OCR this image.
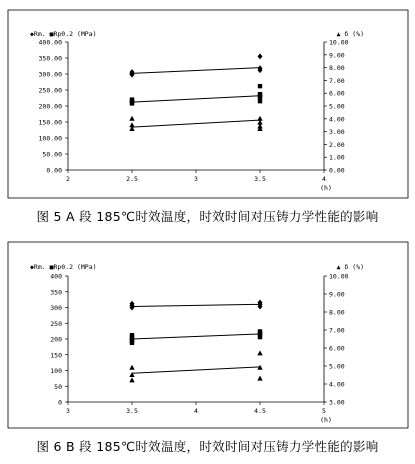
0.00
50.00
100.00
150.00
200.00
250.00
300.00
350.00
400.00
0.00
1.00
2.00
3.00
4.00
5.00
6.00
7.00
8.00
9.00
10.00
2	2.5	3	3.5	4
(h)
◆Rm. ■Rp0.2 (MPa)	▲ δ (%)
图 5 A 段 185℃时效温度，时效时间对压铸力学性能的影响
0
50
100
150
200
250
300
350
400
3.00
4.00
5.00
6.00
7.00
8.00
9.00
10.00
3	3.5	4	4.5	5
(h)
◆Rm. ■Rp0.2 (MPa)	▲ δ (%)
图 6 B 段 185℃时效温度，时效时间对压铸力学性能的影响
